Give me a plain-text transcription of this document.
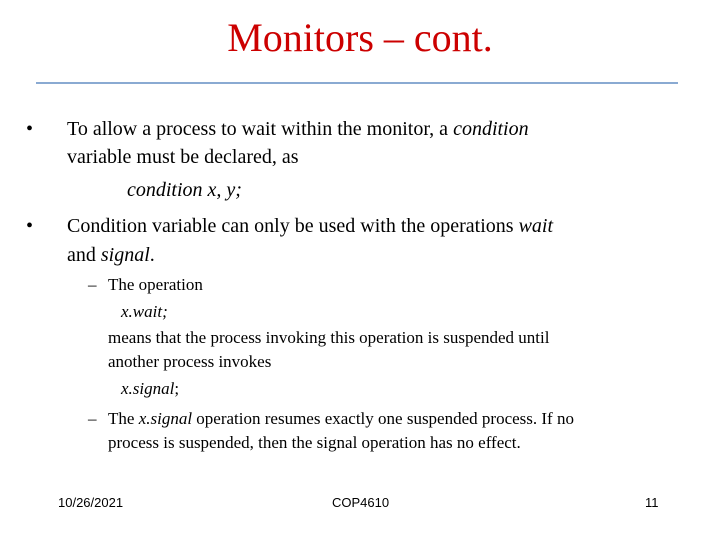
Monitors – cont.
• To allow a process to wait within the monitor, a condition
variable must be declared, as
condition x, y;
• Condition variable can only be used with the operations wait
and signal.
– The operation
x.wait;
means that the process invoking this operation is suspended until
another process invokes
x.signal;
– The x.signal operation resumes exactly one suspended process. If no
process is suspended, then the signal operation has no effect.
10/26/2021	COP4610	11
